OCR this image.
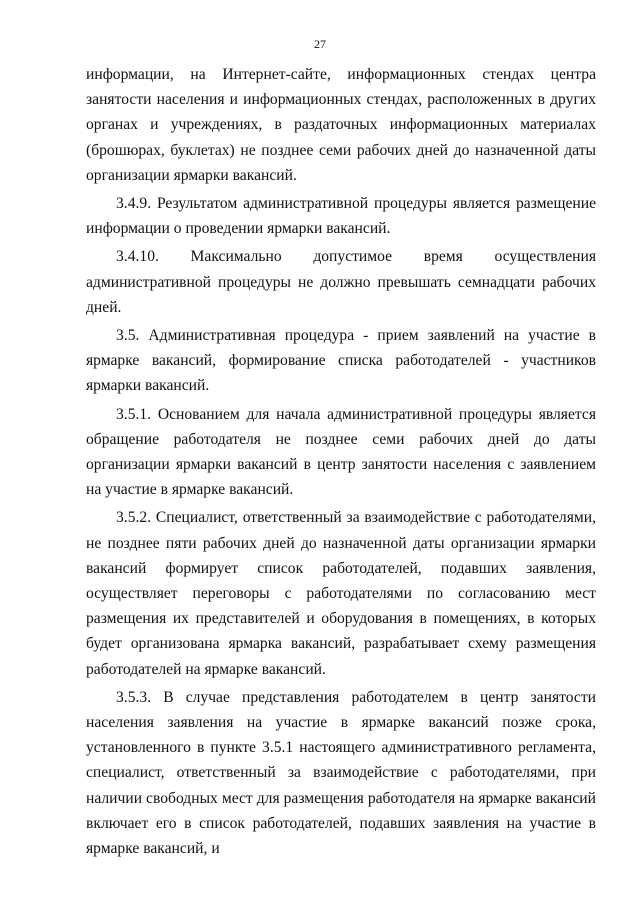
27

информации, на Интернет-сайте, информационных стендах центра занятости населения и информационных стендах, расположенных в других органах и учреждениях, в раздаточных информационных материалах (брошюрах, буклетах) не позднее семи рабочих дней до назначенной даты организации ярмарки вакансий.

3.4.9. Результатом административной процедуры является размещение информации о проведении ярмарки вакансий.

3.4.10. Максимально допустимое время осуществления административной процедуры не должно превышать семнадцати рабочих дней.

3.5. Административная процедура - прием заявлений на участие в ярмарке вакансий, формирование списка работодателей - участников ярмарки вакансий.

3.5.1. Основанием для начала административной процедуры является обращение работодателя не позднее семи рабочих дней до даты организации ярмарки вакансий в центр занятости населения с заявлением на участие в ярмарке вакансий.

3.5.2. Специалист, ответственный за взаимодействие с работодателями, не позднее пяти рабочих дней до назначенной даты организации ярмарки вакансий формирует список работодателей, подавших заявления, осуществляет переговоры с работодателями по согласованию мест размещения их представителей и оборудования в помещениях, в которых будет организована ярмарка вакансий, разрабатывает схему размещения работодателей на ярмарке вакансий.

3.5.3. В случае представления работодателем в центр занятости населения заявления на участие в ярмарке вакансий позже срока, установленного в пункте 3.5.1 настоящего административного регламента, специалист, ответственный за взаимодействие с работодателями, при наличии свободных мест для размещения работодателя на ярмарке вакансий включает его в список работодателей, подавших заявления на участие в ярмарке вакансий, и
